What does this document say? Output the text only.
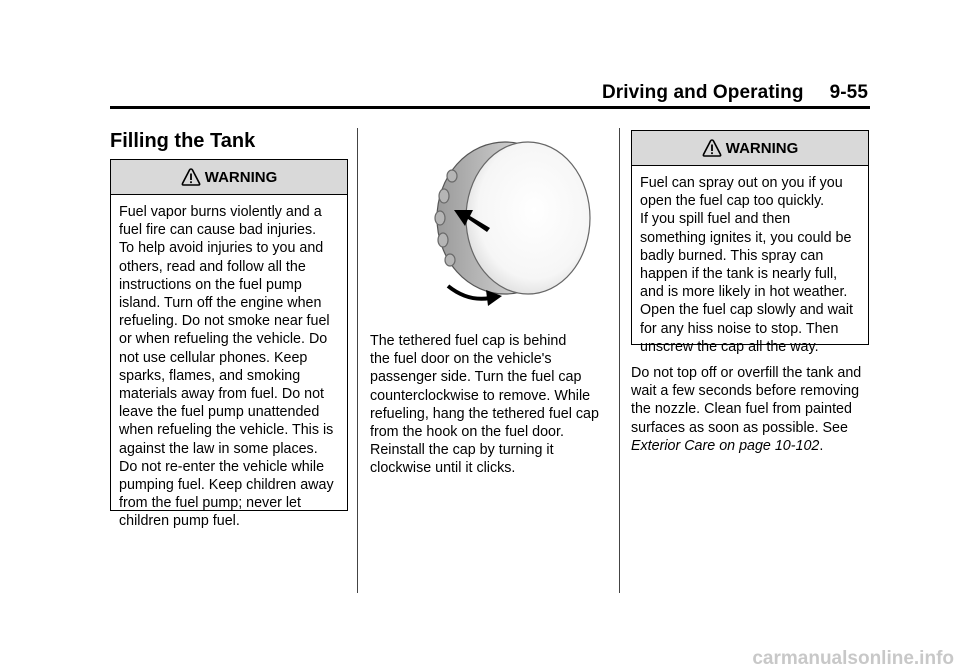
Driving and Operating 9-55
Filling the Tank
WARNING

Fuel vapor burns violently and a

fuel fire can cause bad injuries.

To help avoid injuries to you and

others, read and follow all the

instructions on the fuel pump

island. Turn off the engine when

refueling. Do not smoke near fuel

or when refueling the vehicle. Do

not use cellular phones. Keep

sparks, flames, and smoking

materials away from fuel. Do not

leave the fuel pump unattended

when refueling the vehicle. This is

against the law in some places.

Do not re-enter the vehicle while

pumping fuel. Keep children away

from the fuel pump; never let

children pump fuel.

The tethered fuel cap is behind

the fuel door on the vehicle's

passenger side. Turn the fuel cap

counterclockwise to remove. While

refueling, hang the tethered fuel cap

from the hook on the fuel door.

Reinstall the cap by turning it

clockwise until it clicks.

WARNING

Fuel can spray out on you if you

open the fuel cap too quickly.

If you spill fuel and then

something ignites it, you could be

badly burned. This spray can

happen if the tank is nearly full,

and is more likely in hot weather.

Open the fuel cap slowly and wait

for any hiss noise to stop. Then

unscrew the cap all the way.

Do not top off or overfill the tank and

wait a few seconds before removing

the nozzle. Clean fuel from painted

surfaces as soon as possible. See

Exterior Care on page 10-102.

carmanualsonline.info
